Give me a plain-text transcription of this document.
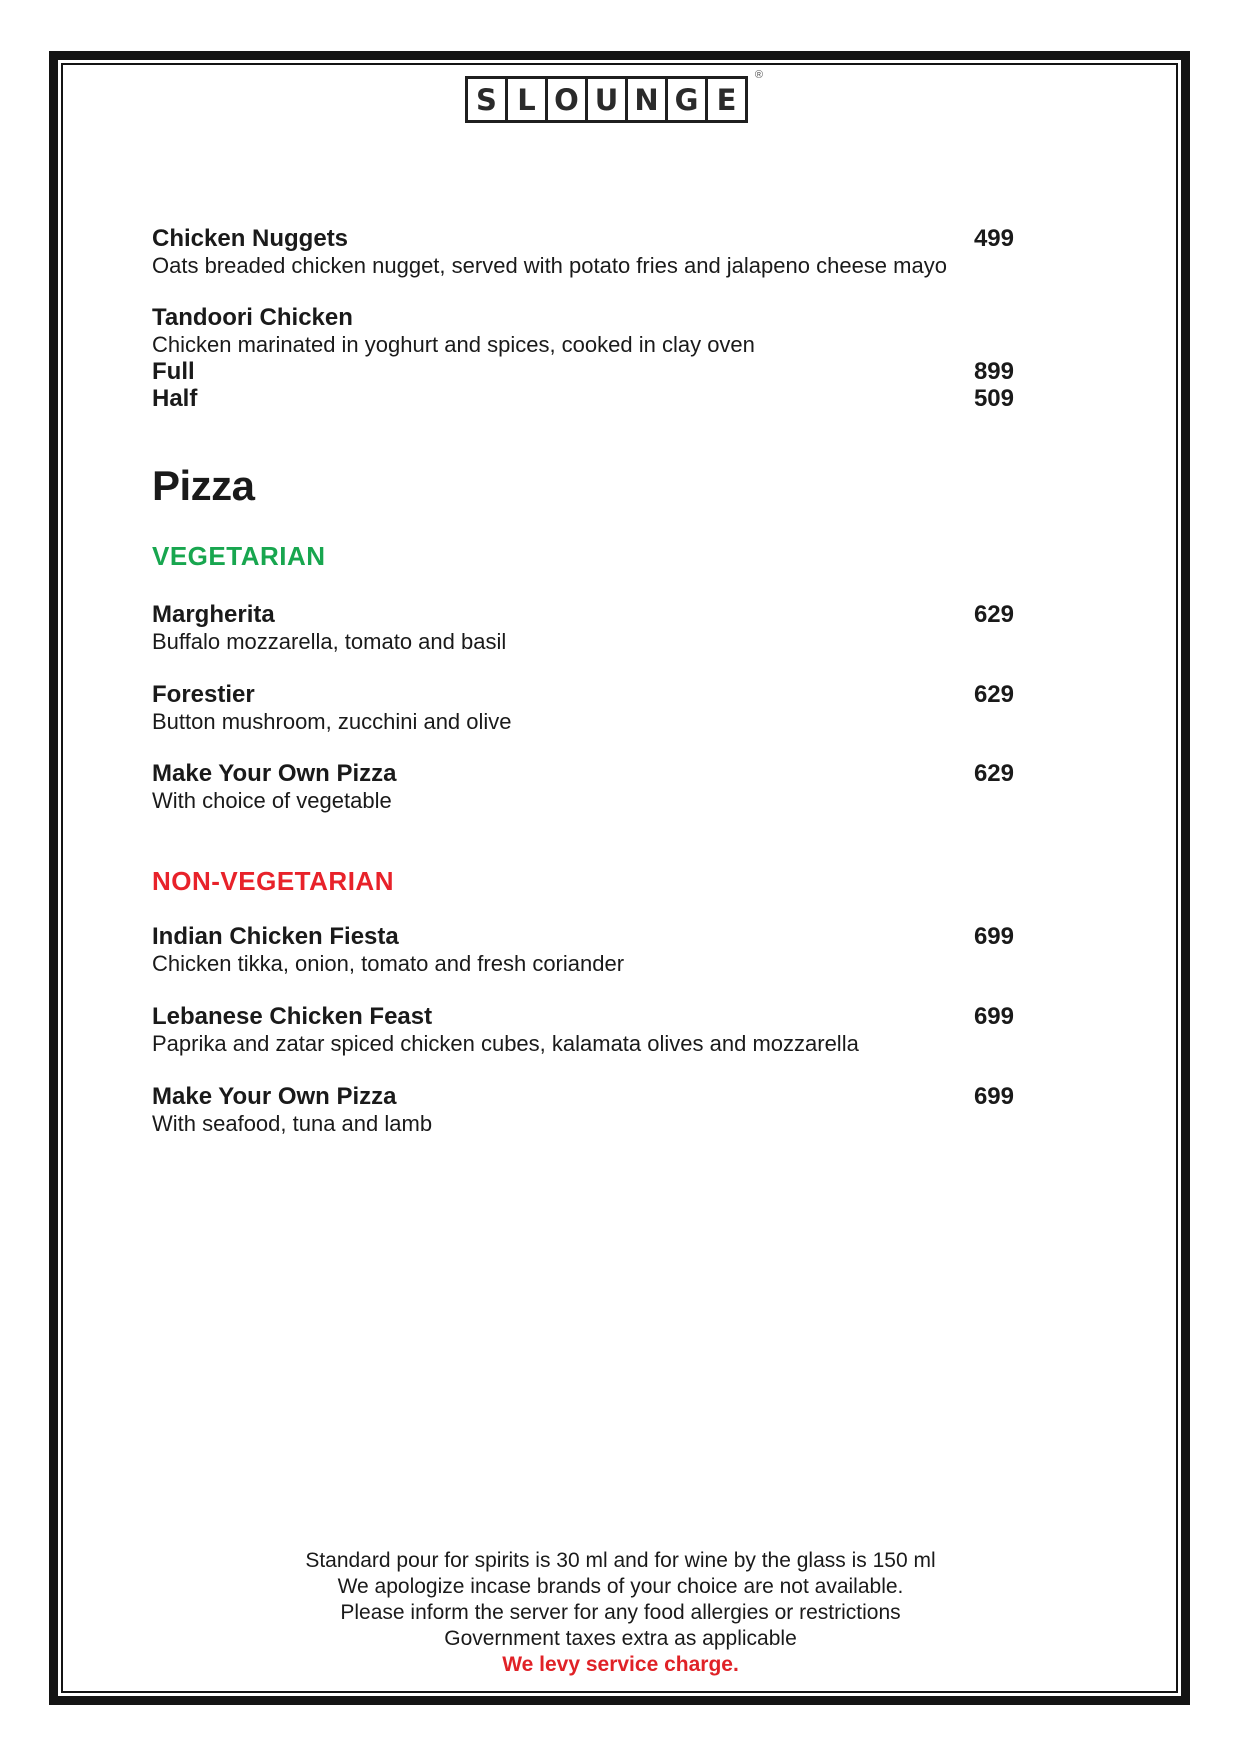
S L O U N G E
®
Chicken Nuggets	499
Oats breaded chicken nugget, served with potato fries and jalapeno cheese mayo
Tandoori Chicken
Chicken marinated in yoghurt and spices, cooked in clay oven
Full	899
Half	509
Pizza
VEGETARIAN
Margherita	629
Buffalo mozzarella, tomato and basil
Forestier	629
Button mushroom, zucchini and olive
Make Your Own Pizza	629
With choice of vegetable
NON-VEGETARIAN
Indian Chicken Fiesta	699
Chicken tikka, onion, tomato and fresh coriander
Lebanese Chicken Feast	699
Paprika and zatar spiced chicken cubes, kalamata olives and mozzarella
Make Your Own Pizza	699
With seafood, tuna and lamb
Standard pour for spirits is 30 ml and for wine by the glass is 150 ml
We apologize incase brands of your choice are not available.
Please inform the server for any food allergies or restrictions
Government taxes extra as applicable
We levy service charge.
